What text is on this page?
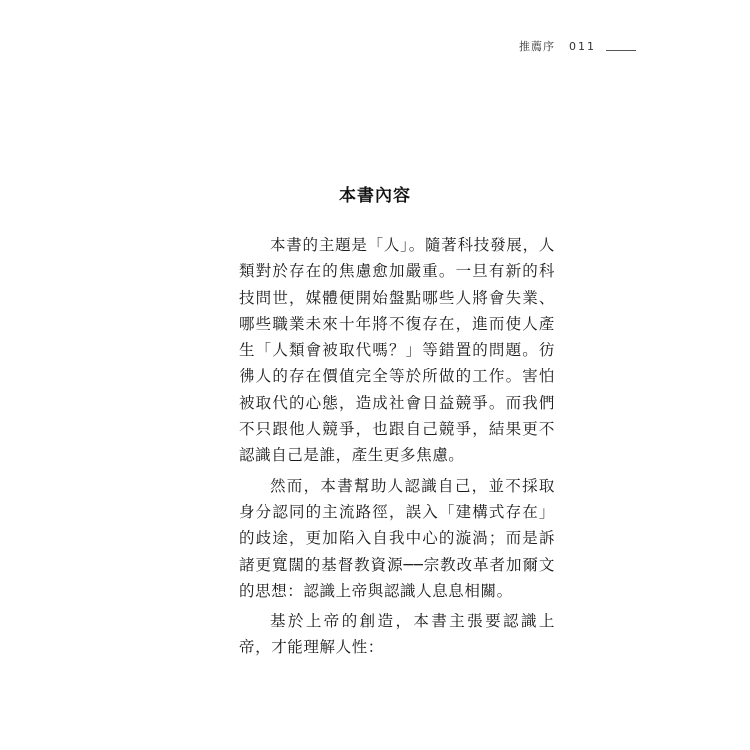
推薦序 011
本書內容

本書的主題是「人」。隨著科技發展，人類對於存在的焦慮愈加嚴重。一旦有新的科技問世，媒體便開始盤點哪些人將會失業、哪些職業未來十年將不復存在，進而使人產生「人類會被取代嗎？」等錯置的問題。彷彿人的存在價值完全等於所做的工作。害怕被取代的心態，造成社會日益競爭。而我們不只跟他人競爭，也跟自己競爭，結果更不認識自己是誰，產生更多焦慮。

然而，本書幫助人認識自己，並不採取身分認同的主流路徑，誤入「建構式存在」的歧途，更加陷入自我中心的漩渦；而是訴諸更寬闊的基督教資源──宗教改革者加爾文的思想：認識上帝與認識人息息相關。

基於上帝的創造，本書主張要認識上帝，才能理解人性：
